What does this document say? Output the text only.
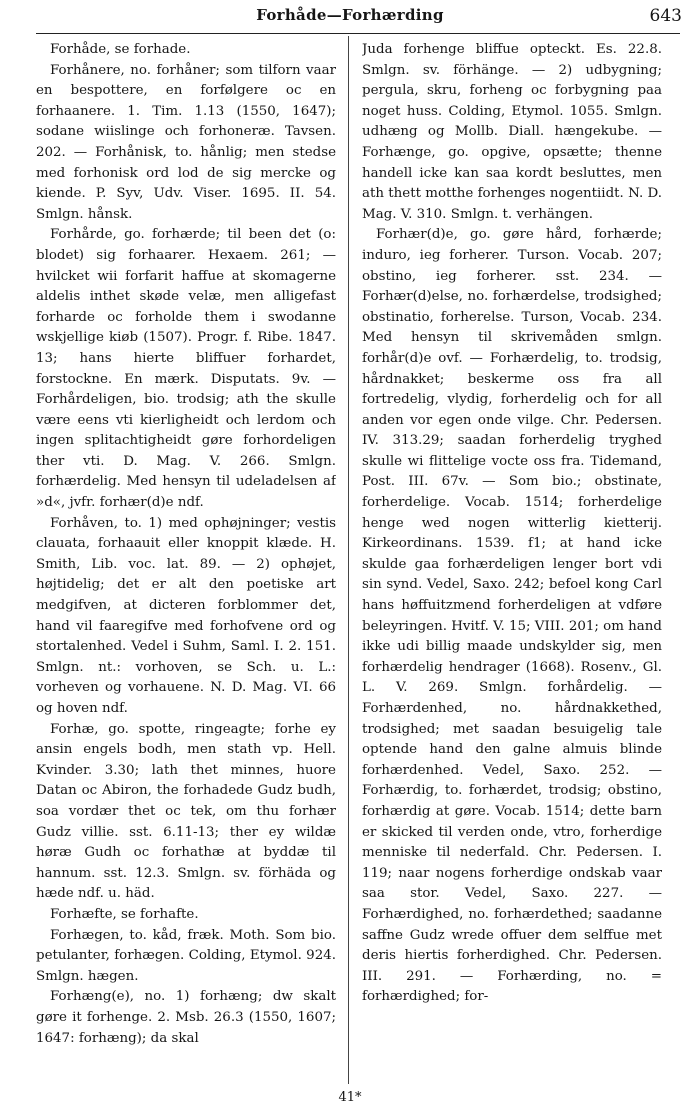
Forhåde—Forhærding	643

Forhåde, se forhade.

Forhånere, no. forhåner; som tilforn vaar en bespottere, en forfølgere oc en forhaanere. 1. Tim. 1.13 (1550, 1647); sodane wiislinge och forhoneræ. Tavsen. 202. — Forhånisk, to. hånlig; men stedse med forhonisk ord lod de sig mercke og kiende. P. Syv, Udv. Viser. 1695. II. 54. Smlgn. hånsk.

Forhårde, go. forhærde; til been det (o: blodet) sig forhaarer. Hexaem. 261; — hvilcket wii forfarit haffue at skomagerne aldelis inthet skøde velæ, men alligefast forharde oc forholde them i swodanne wskjellige kiøb (1507). Progr. f. Ribe. 1847. 13; hans hierte bliffuer forhardet, forstockne. En mærk. Disputats. 9v. — Forhårdeligen, bio. trodsig; ath the skulle være eens vti kierligheidt och lerdom och ingen splitachtigheidt gøre forhordeligen ther vti. D. Mag. V. 266. Smlgn. forhærdelig. Med hensyn til udeladelsen af »d«, jvfr. forhær(d)e ndf.

Forhåven, to. 1) med ophøjninger; vestis clauata, forhaauit eller knoppit klæde. H. Smith, Lib. voc. lat. 89. — 2) ophøjet, højtidelig; det er alt den poetiske art medgifven, at dicteren forblommer det, hand vil faaregifve med forhofvene ord og stortalenhed. Vedel i Suhm, Saml. I. 2. 151. Smlgn. nt.: vorhoven, se Sch. u. L.: vorheven og vorhauene. N. D. Mag. VI. 66 og hoven ndf.

Forhæ, go. spotte, ringeagte; forhe ey ansin engels bodh, men stath vp. Hell. Kvinder. 3.30; lath thet minnes, huore Datan oc Abiron, the forhadede Gudz budh, soa vordær thet oc tek, om thu forhær Gudz villie. sst. 6.11-13; ther ey wildæ høræ Gudh oc forhathæ at byddæ til hannum. sst. 12.3. Smlgn. sv. förhäda og hæde ndf. u. häd.

Forhæfte, se forhafte.

Forhægen, to. kåd, fræk. Moth. Som bio. petulanter, forhægen. Colding, Etymol. 924. Smlgn. hægen.

Forhæng(e), no. 1) forhæng; dw skalt gøre it forhenge. 2. Msb. 26.3 (1550, 1607; 1647: forhæng); da skal

Juda forhenge bliffue opteckt. Es. 22.8. Smlgn. sv. förhänge. — 2) udbygning; pergula, skru, forheng oc forbygning paa noget huss. Colding, Etymol. 1055. Smlgn. udhæng og Mollb. Diall. hængekube. — Forhænge, go. opgive, opsætte; thenne handell icke kan saa kordt besluttes, men ath thett motthe forhenges nogentiidt. N. D. Mag. V. 310. Smlgn. t. verhängen.

Forhær(d)e, go. gøre hård, forhærde; induro, ieg forherer. Turson. Vocab. 207; obstino, ieg forherer. sst. 234. — Forhær(d)else, no. forhærdelse, trodsighed; obstinatio, forherelse. Turson, Vocab. 234. Med hensyn til skrivemåden smlgn. forhår(d)e ovf. — Forhærdelig, to. trodsig, hårdnakket; beskerme oss fra all fortredelig, vlydig, forherdelig och for all anden vor egen onde vilge. Chr. Pedersen. IV. 313.29; saadan forherdelig tryghed skulle wi flittelige vocte oss fra. Tidemand, Post. III. 67v. — Som bio.; obstinate, forherdelige. Vocab. 1514; forherdelige henge wed nogen witterlig kietterij. Kirkeordinans. 1539. f1; at hand icke skulde gaa forhærdeligen lenger bort vdi sin synd. Vedel, Saxo. 242; befoel kong Carl hans høffuitzmend forherdeligen at vdføre beleyringen. Hvitf. V. 15; VIII. 201; om hand ikke udi billig maade undskylder sig, men forhærdelig hendrager (1668). Rosenv., Gl. L. V. 269. Smlgn. forhårdelig. — Forhærdenhed, no. hårdnakkethed, trodsighed; met saadan besuigelig tale optende hand den galne almuis blinde forhærdenhed. Vedel, Saxo. 252. — Forhærdig, to. forhærdet, trodsig; obstino, forhærdig at gøre. Vocab. 1514; dette barn er skicked til verden onde, vtro, forherdige menniske til nederfald. Chr. Pedersen. I. 119; naar nogens forherdige ondskab vaar saa stor. Vedel, Saxo. 227. — Forhærdighed, no. forhærdethed; saadanne saffne Gudz wrede offuer dem selffue met deris hiertis forherdighed. Chr. Pedersen. III. 291. — Forhærding, no. = forhærdighed; for-

41*
